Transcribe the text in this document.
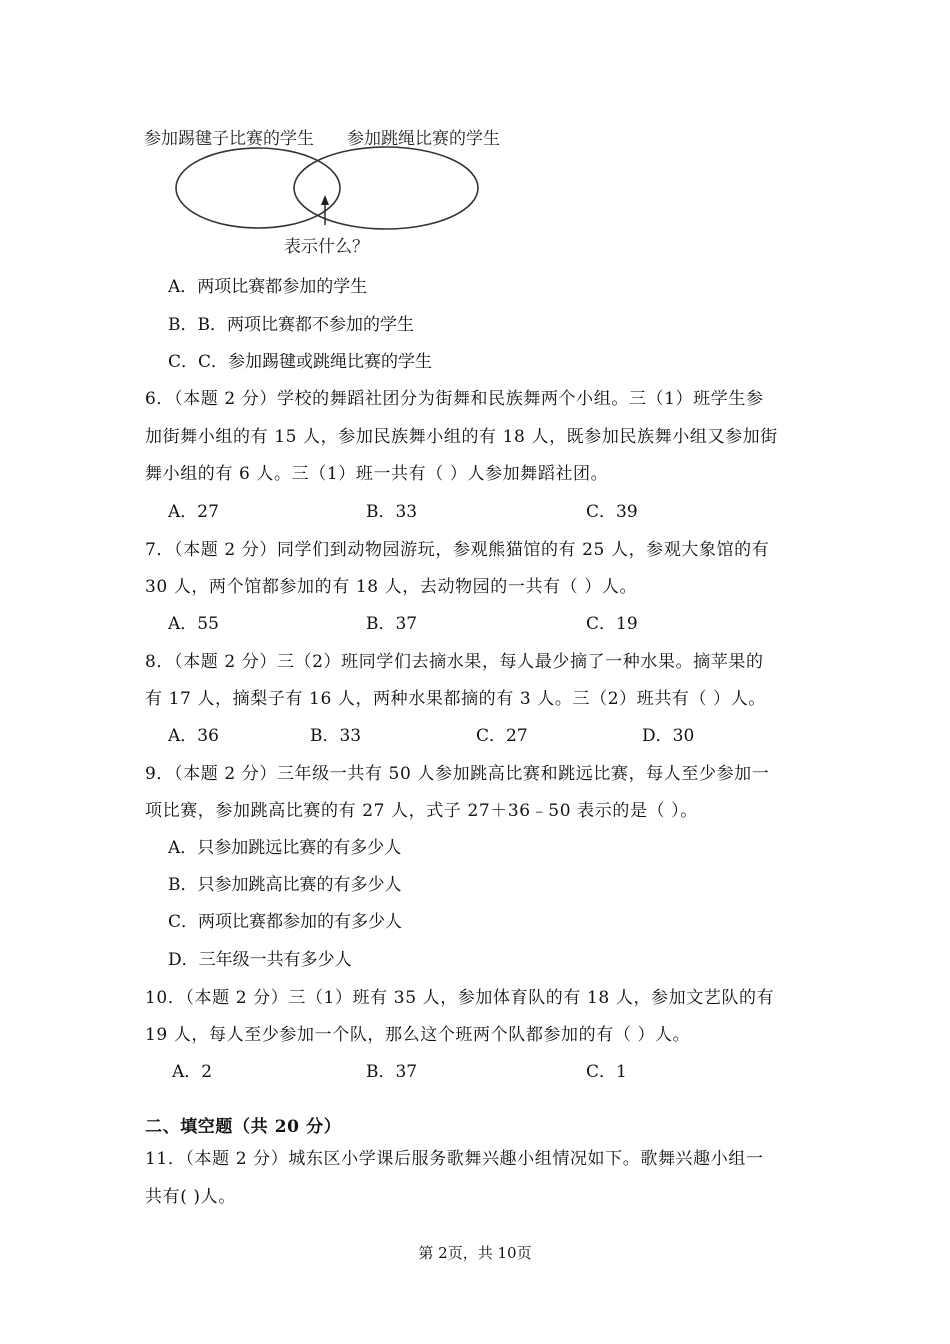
参加踢毽子比赛的学生 参加跳绳比赛的学生
表示什么？
A．两项比赛都参加的学生
B．B．两项比赛都不参加的学生
C．C．参加踢毽或跳绳比赛的学生
6．（本题 2 分）学校的舞蹈社团分为街舞和民族舞两个小组。三（1）班学生参
加街舞小组的有 15 人，参加民族舞小组的有 18 人，既参加民族舞小组又参加街
舞小组的有 6 人。三（1）班一共有（ ）人参加舞蹈社团。
A．27	B．33	C．39
7．（本题 2 分）同学们到动物园游玩，参观熊猫馆的有 25 人，参观大象馆的有
30 人，两个馆都参加的有 18 人，去动物园的一共有（ ）人。
A．55	B．37	C．19
8．（本题 2 分）三（2）班同学们去摘水果，每人最少摘了一种水果。摘苹果的
有 17 人，摘梨子有 16 人，两种水果都摘的有 3 人。三（2）班共有（ ）人。
A．36	B．33	C．27	D．30
9．（本题 2 分）三年级一共有 50 人参加跳高比赛和跳远比赛，每人至少参加一
项比赛，参加跳高比赛的有 27 人，式子 27＋36﹣50 表示的是（ ）。
A．只参加跳远比赛的有多少人
B．只参加跳高比赛的有多少人
C．两项比赛都参加的有多少人
D．三年级一共有多少人
10．（本题 2 分）三（1）班有 35 人，参加体育队的有 18 人，参加文艺队的有
19 人，每人至少参加一个队，那么这个班两个队都参加的有（ ）人。
A．2	B．37	C．1
二、填空题（共 20 分）
11．（本题 2 分）城东区小学课后服务歌舞兴趣小组情况如下。歌舞兴趣小组一
共有( )人。
第 2页，共 10页
